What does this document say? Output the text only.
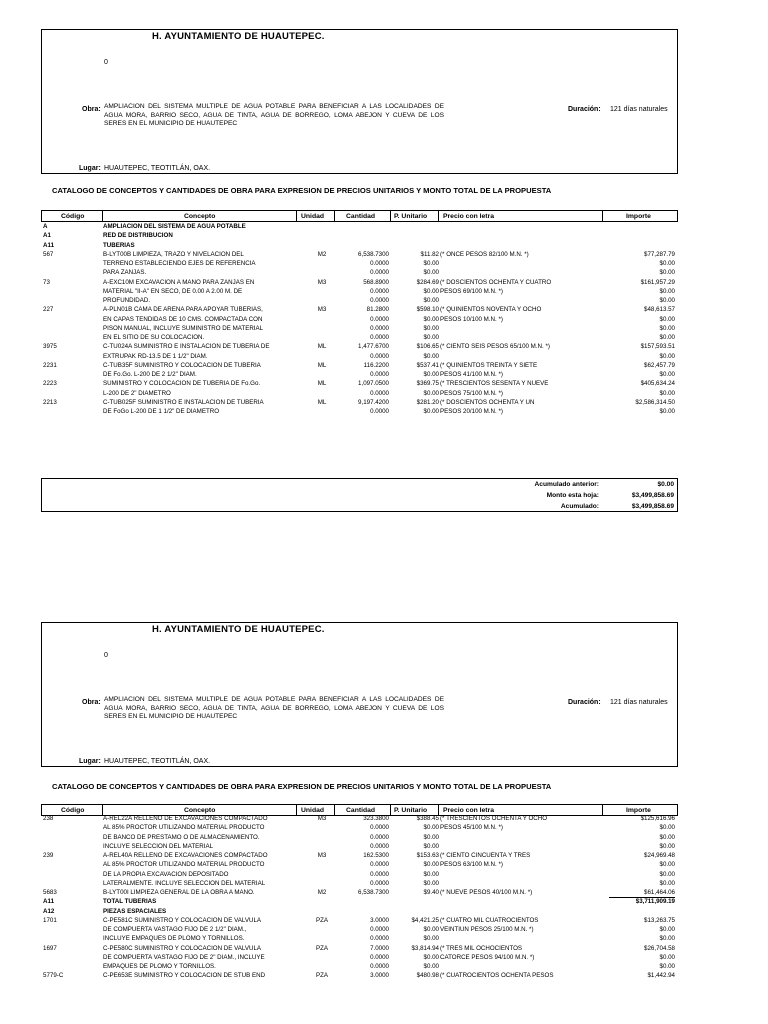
H. AYUNTAMIENTO DE HUAUTEPEC.
0
Obra: AMPLIACION DEL SISTEMA MULTIPLE DE AGUA POTABLE PARA BENEFICIAR A LAS LOCALIDADES DE AGUA MORA, BARRIO SECO, AGUA DE TINTA, AGUA DE BORREGO, LOMA ABEJON Y CUEVA DE LOS SERES EN EL MUNICIPIO DE HUAUTEPEC
Duración: 121 días naturales
Lugar: HUAUTEPEC, TEOTITLÁN, OAX.
CATALOGO DE CONCEPTOS Y CANTIDADES DE OBRA PARA EXPRESION DE PRECIOS UNITARIOS Y MONTO TOTAL DE LA PROPUESTA
Código	Concepto	Unidad	Cantidad	P. Unitario Precio con letra	Importe
A	AMPLIACION DEL SISTEMA DE AGUA POTABLE
A1	RED DE DISTRIBUCION
A11	TUBERIAS
567	B-LYT00B LIMPIEZA, TRAZO Y NIVELACION DEL	M2	6,538.7300	$11.82 (* ONCE PESOS 82/100 M.N. *)	$77,287.79
TERRENO ESTABLECIENDO EJES DE REFERENCIA	0.0000	$0.00	$0.00
PARA ZANJAS.	0.0000	$0.00	$0.00
73	A-EXC10M EXCAVACION A MANO PARA ZANJAS EN	M3	568.8900	$284.69 (* DOSCIENTOS OCHENTA Y CUATRO	$161,957.29
MATERIAL "II-A" EN SECO, DE 0.00 A 2.00 M. DE	0.0000	$0.00 PESOS 69/100 M.N. *)	$0.00
PROFUNDIDAD.	0.0000	$0.00	$0.00
227	A-PLN01B CAMA DE ARENA PARA APOYAR TUBERIAS,	M3	81.2800	$598.10 (* QUINIENTOS NOVENTA Y OCHO	$48,613.57
EN CAPAS TENDIDAS DE 10 CMS. COMPACTADA CON	0.0000	$0.00 PESOS 10/100 M.N. *)	$0.00
PISON MANUAL, INCLUYE SUMINISTRO DE MATERIAL	0.0000	$0.00	$0.00
EN EL SITIO DE SU COLOCACION.	0.0000	$0.00	$0.00
3975	C-TU024A SUMINISTRO E INSTALACION DE TUBERIA DE	ML	1,477.6700	$106.65 (* CIENTO SEIS PESOS 65/100 M.N. *)	$157,593.51
EXTRUPAK RD-13.5 DE 1 1/2" DIAM.	0.0000	$0.00	$0.00
2231	C-TUB35F SUMINISTRO Y COLOCACION DE TUBERIA	ML	116.2200	$537.41 (* QUINIENTOS TREINTA Y SIETE	$62,457.79
DE Fo.Go. L-200 DE 2 1/2" DIAM.	0.0000	$0.00 PESOS 41/100 M.N. *)	$0.00
2223	SUMINISTRO Y COLOCACION DE TUBERIA DE Fo.Go.	ML	1,097.0500	$369.75 (* TRESCIENTOS SESENTA Y NUEVE	$405,634.24
L-200 DE 2" DIAMETRO	0.0000	$0.00 PESOS 75/100 M.N. *)	$0.00
2213	C-TUB025F SUMINISTRO E INSTALACION DE TUBERIA	ML	9,197.4200	$281.20 (* DOSCIENTOS OCHENTA Y UN	$2,586,314.50
DE FoGo L-200 DE 1 1/2" DE DIAMETRO	0.0000	$0.00 PESOS 20/100 M.N. *)	$0.00
Acumulado anterior:	$0.00
Monto esta hoja:	$3,499,858.69
Acumulado:	$3,499,858.69
H. AYUNTAMIENTO DE HUAUTEPEC.
0
Obra: AMPLIACION DEL SISTEMA MULTIPLE DE AGUA POTABLE PARA BENEFICIAR A LAS LOCALIDADES DE AGUA MORA, BARRIO SECO, AGUA DE TINTA, AGUA DE BORREGO, LOMA ABEJON Y CUEVA DE LOS SERES EN EL MUNICIPIO DE HUAUTEPEC
Duración: 121 días naturales
Lugar: HUAUTEPEC, TEOTITLÁN, OAX.
CATALOGO DE CONCEPTOS Y CANTIDADES DE OBRA PARA EXPRESION DE PRECIOS UNITARIOS Y MONTO TOTAL DE LA PROPUESTA
Código	Concepto	Unidad	Cantidad	P. Unitario Precio con letra	Importe
238	A-REL22A RELLENO DE EXCAVACIONES COMPACTADO	M3	323.3800	$388.45 (* TRESCIENTOS OCHENTA Y OCHO	$125,616.96
AL 85% PROCTOR UTILIZANDO MATERIAL PRODUCTO	0.0000	$0.00 PESOS 45/100 M.N. *)	$0.00
DE BANCO DE PRESTAMO O DE ALMACENAMIENTO.	0.0000	$0.00	$0.00
INCLUYE SELECCION DEL MATERIAL	0.0000	$0.00	$0.00
239	A-REL40A RELLENO DE EXCAVACIONES COMPACTADO	M3	162.5300	$153.63 (* CIENTO CINCUENTA Y TRES	$24,969.48
AL 85% PROCTOR UTILIZANDO MATERIAL PRODUCTO	0.0000	$0.00 PESOS 63/100 M.N. *)	$0.00
DE LA PROPIA EXCAVACION DEPOSITADO	0.0000	$0.00	$0.00
LATERALMENTE. INCLUYE SELECCION DEL MATERIAL	0.0000	$0.00	$0.00
5683	B-LYT00I LIMPIEZA GENERAL DE LA OBRA A MANO.	M2	6,538.7300	$9.40 (* NUEVE PESOS 40/100 M.N. *)	$61,464.06
A11	TOTAL TUBERIAS	$3,711,909.19
A12	PIEZAS ESPACIALES
1701	C-PE581C SUMINISTRO Y COLOCACION DE VALVULA	PZA	3.0000	$4,421.25 (* CUATRO MIL CUATROCIENTOS	$13,263.75
DE COMPUERTA VASTAGO FIJO DE 2 1/2" DIAM.,	0.0000	$0.00 VEINTIUN PESOS 25/100 M.N. *)	$0.00
INCLUYE EMPAQUES DE PLOMO Y TORNILLOS.	0.0000	$0.00	$0.00
1697	C-PE580C SUMINISTRO Y COLOCACION DE VALVULA	PZA	7.0000	$3,814.94 (* TRES MIL OCHOCIENTOS	$26,704.58
DE COMPUERTA VASTAGO FIJO DE 2" DIAM., INCLUYE	0.0000	$0.00 CATORCE PESOS 94/100 M.N. *)	$0.00
EMPAQUES DE PLOMO Y TORNILLOS.	0.0000	$0.00	$0.00
5779-C	C-PE653E SUMINISTRO Y COLOCACION DE STUB END	PZA	3.0000	$480.98 (* CUATROCIENTOS OCHENTA PESOS	$1,442.94
